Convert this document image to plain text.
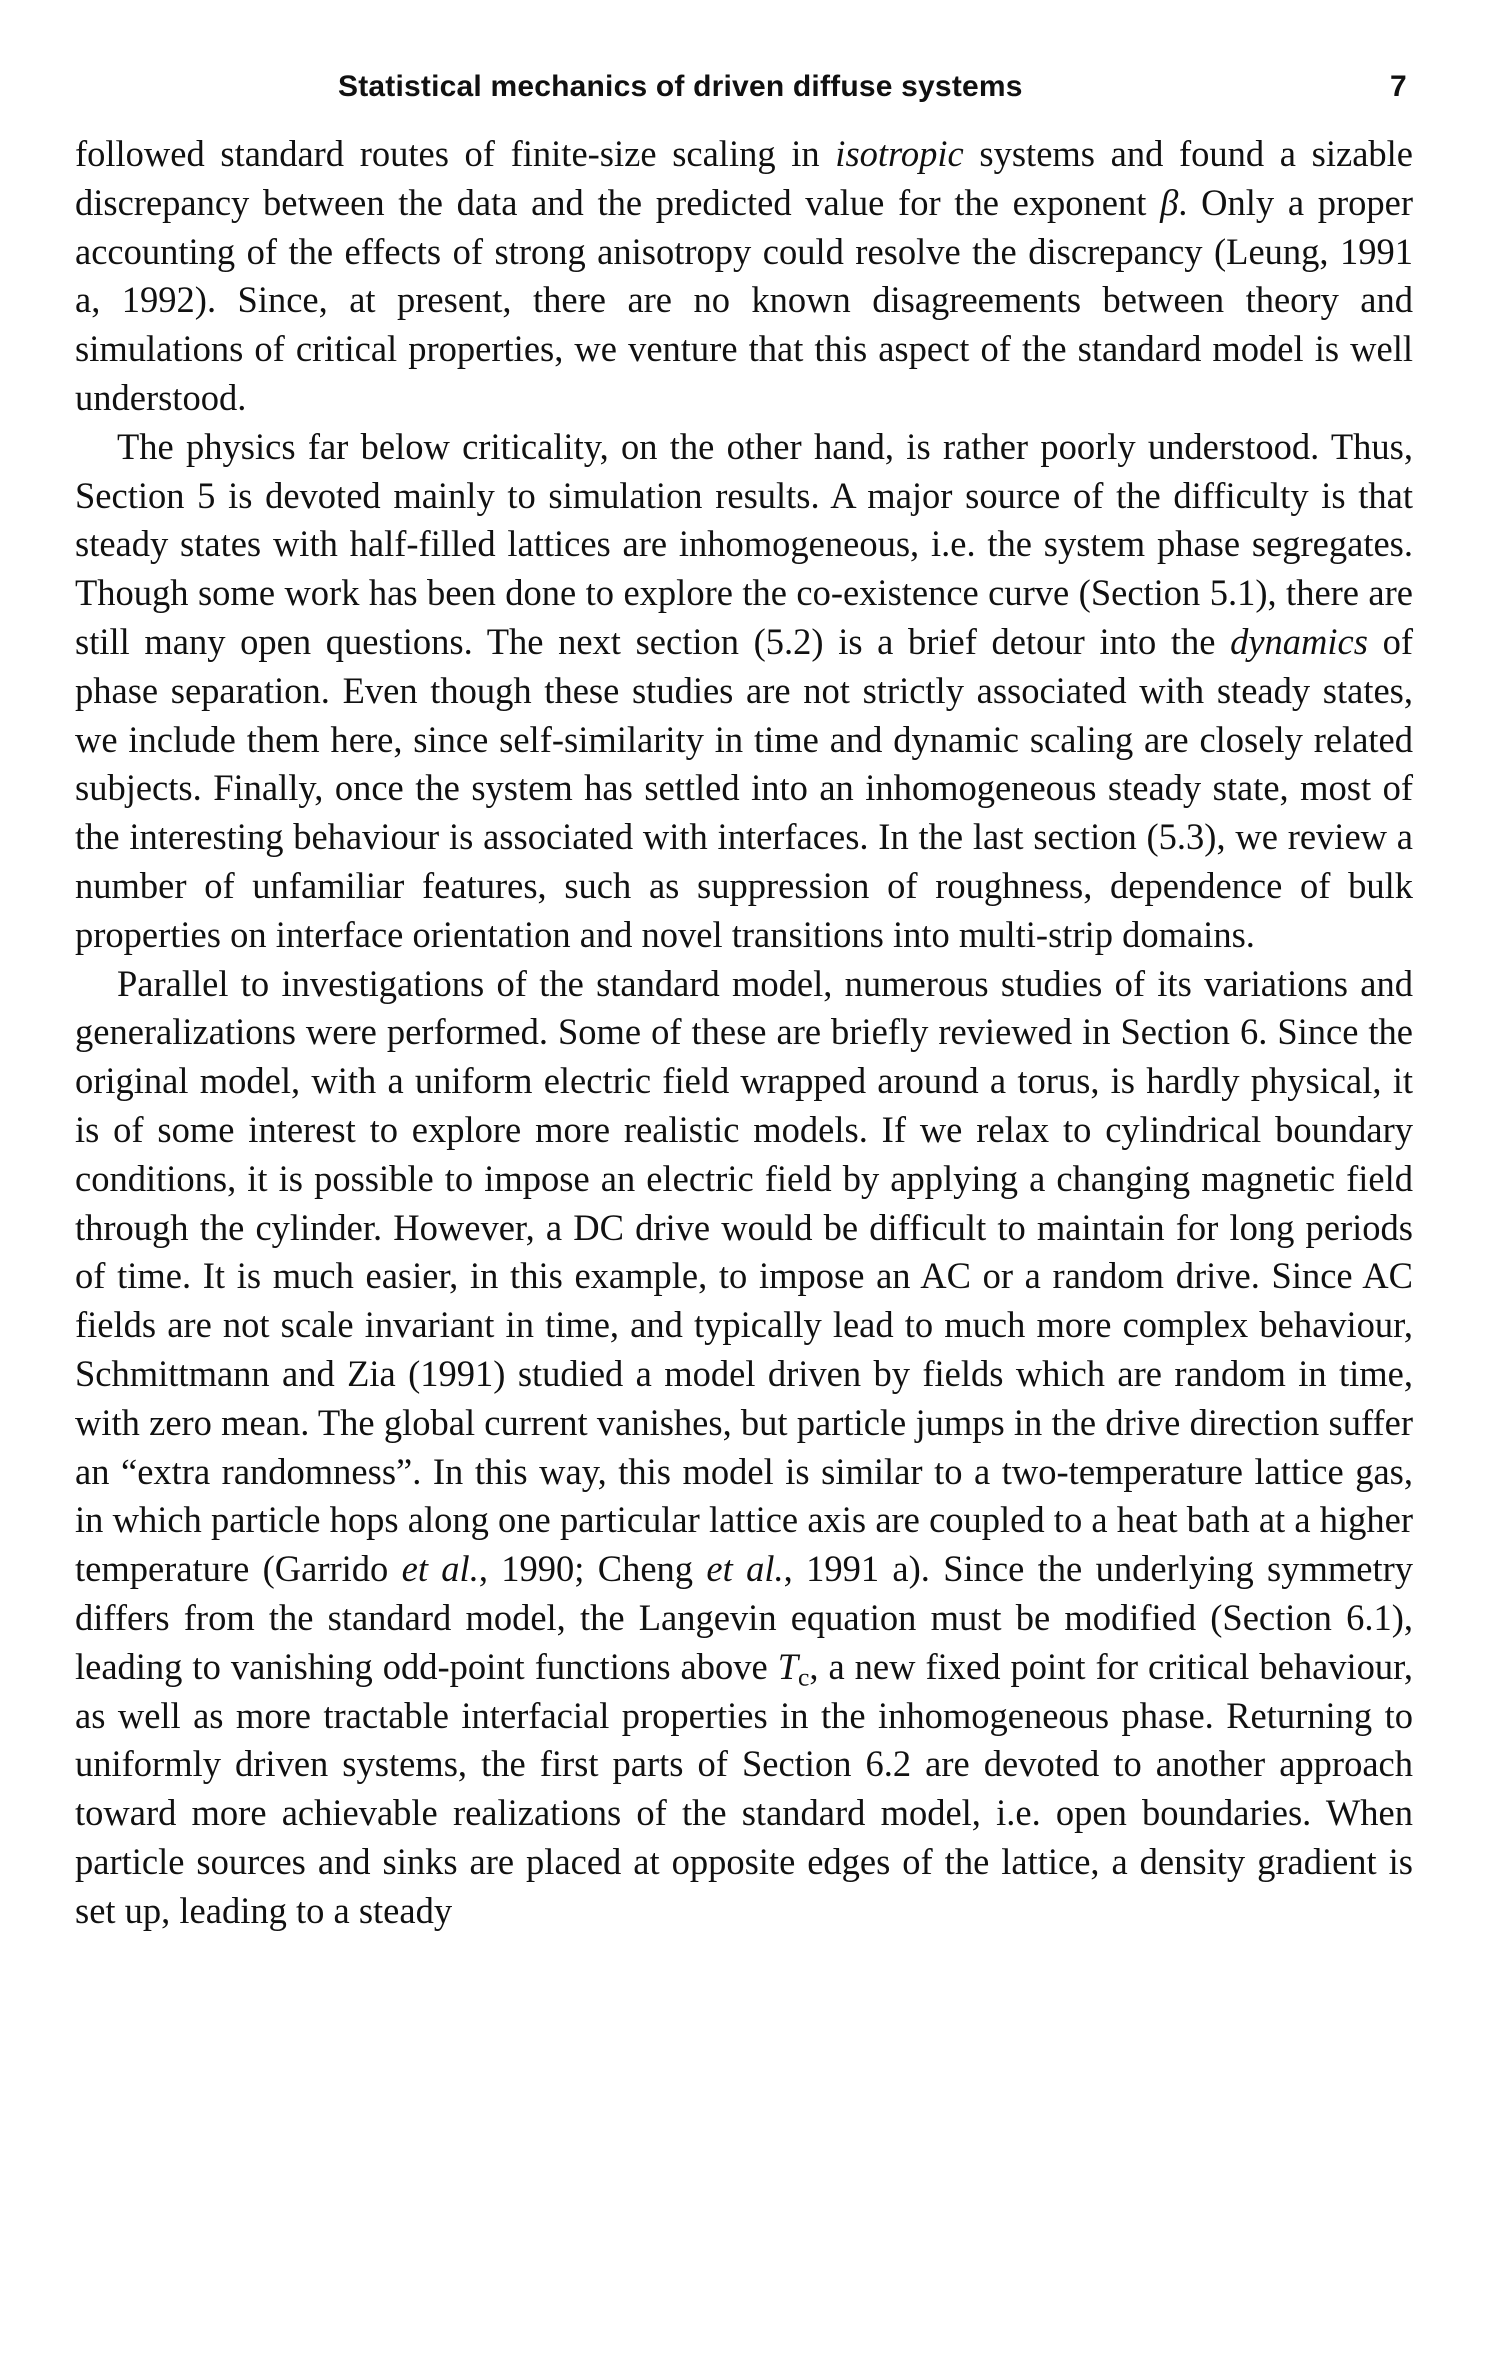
Statistical mechanics of driven diffuse systems	7

followed standard routes of finite-size scaling in isotropic systems and found a sizable discrepancy between the data and the predicted value for the exponent β. Only a proper accounting of the effects of strong anisotropy could resolve the discrepancy (Leung, 1991 a, 1992). Since, at present, there are no known disagreements between theory and simulations of critical properties, we venture that this aspect of the standard model is well understood.

The physics far below criticality, on the other hand, is rather poorly understood. Thus, Section 5 is devoted mainly to simulation results. A major source of the difficulty is that steady states with half-filled lattices are inhomogeneous, i.e. the system phase segregates. Though some work has been done to explore the co-existence curve (Section 5.1), there are still many open questions. The next section (5.2) is a brief detour into the dynamics of phase separation. Even though these studies are not strictly associated with steady states, we include them here, since self-similarity in time and dynamic scaling are closely related subjects. Finally, once the system has settled into an inhomogeneous steady state, most of the interesting behaviour is associated with interfaces. In the last section (5.3), we review a number of unfamiliar features, such as suppression of roughness, dependence of bulk properties on interface orientation and novel transitions into multi-strip domains.

Parallel to investigations of the standard model, numerous studies of its variations and generalizations were performed. Some of these are briefly reviewed in Section 6. Since the original model, with a uniform electric field wrapped around a torus, is hardly physical, it is of some interest to explore more realistic models. If we relax to cylindrical boundary conditions, it is possible to impose an electric field by applying a changing magnetic field through the cylinder. However, a DC drive would be difficult to maintain for long periods of time. It is much easier, in this example, to impose an AC or a random drive. Since AC fields are not scale invariant in time, and typically lead to much more complex behaviour, Schmittmann and Zia (1991) studied a model driven by fields which are random in time, with zero mean. The global current vanishes, but particle jumps in the drive direction suffer an “extra randomness”. In this way, this model is similar to a two-temperature lattice gas, in which particle hops along one particular lattice axis are coupled to a heat bath at a higher temperature (Garrido et al., 1990; Cheng et al., 1991 a). Since the underlying symmetry differs from the standard model, the Langevin equation must be modified (Section 6.1), leading to vanishing odd-point functions above $T_c$, a new fixed point for critical behaviour, as well as more tractable interfacial properties in the inhomogeneous phase. Returning to uniformly driven systems, the first parts of Section 6.2 are devoted to another approach toward more achievable realizations of the standard model, i.e. open boundaries. When particle sources and sinks are placed at opposite edges of the lattice, a density gradient is set up, leading to a steady
